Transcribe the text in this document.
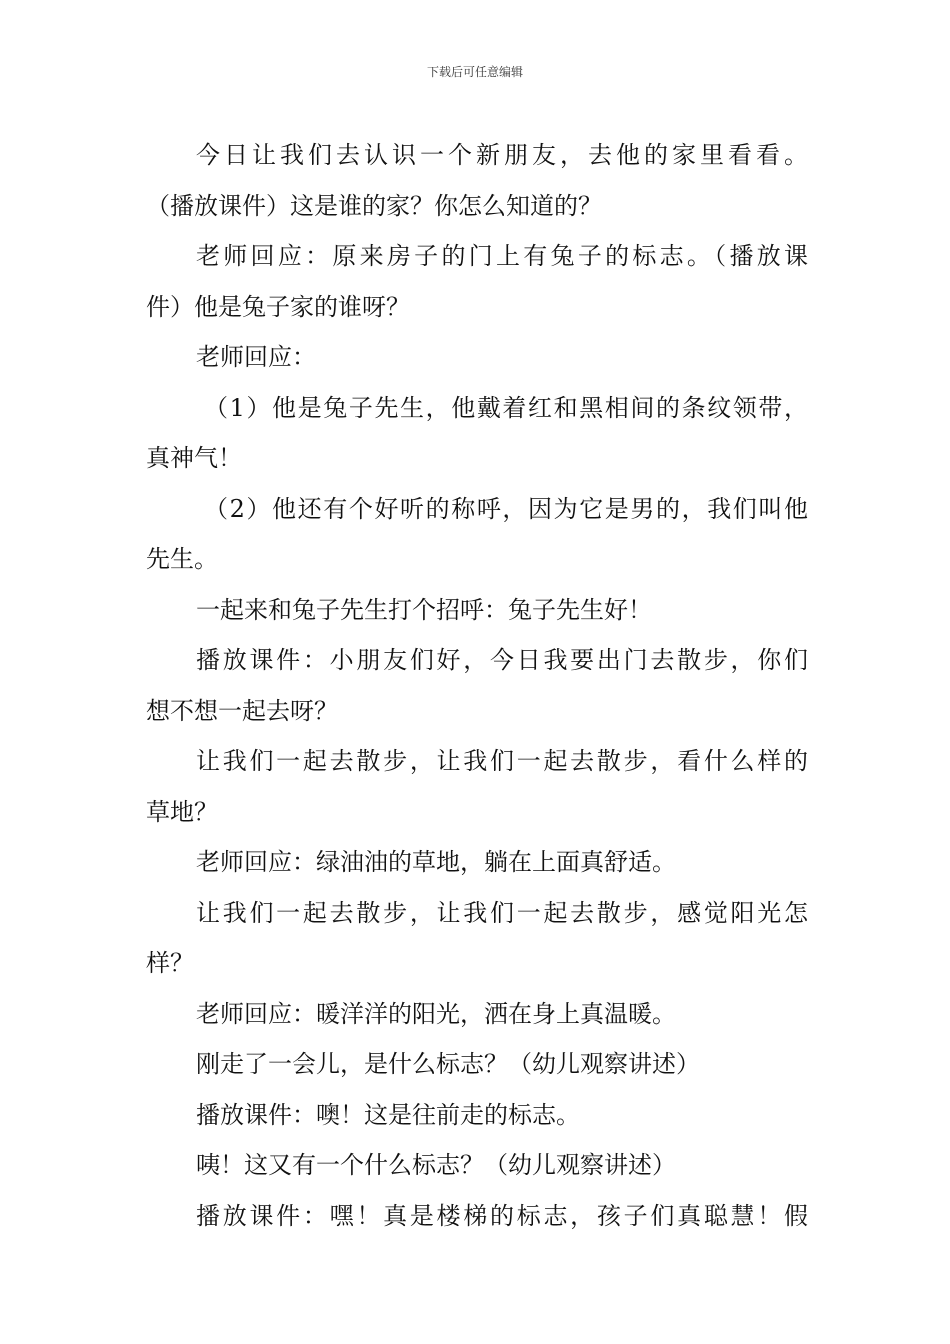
下载后可任意编辑
今日让我们去认识一个新朋友，去他的家里看看。
（播放课件）这是谁的家？你怎么知道的？
老师回应：原来房子的门上有兔子的标志。（播放课
件）他是兔子家的谁呀？
老师回应：
（1）他是兔子先生，他戴着红和黑相间的条纹领带，
真神气！
（2）他还有个好听的称呼，因为它是男的，我们叫他
先生。
一起来和兔子先生打个招呼：兔子先生好！
播放课件：小朋友们好，今日我要出门去散步，你们
想不想一起去呀？
让我们一起去散步，让我们一起去散步，看什么样的
草地？
老师回应：绿油油的草地，躺在上面真舒适。
让我们一起去散步，让我们一起去散步，感觉阳光怎
样？
老师回应：暖洋洋的阳光，洒在身上真温暖。
刚走了一会儿，是什么标志？（幼儿观察讲述）
播放课件：噢！这是往前走的标志。
咦！这又有一个什么标志？（幼儿观察讲述）
播放课件：嘿！真是楼梯的标志，孩子们真聪慧！假
